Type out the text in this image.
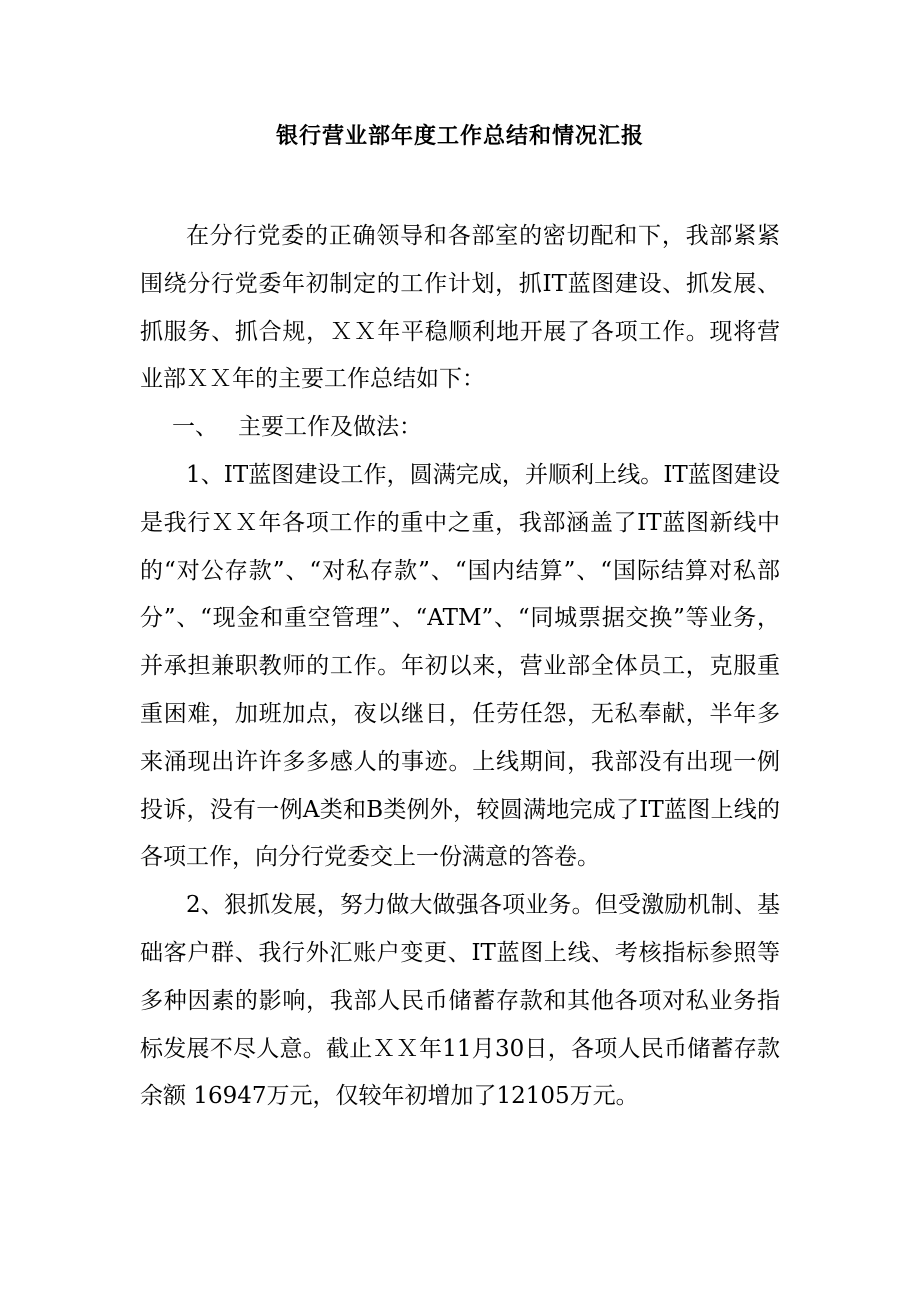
银行营业部年度工作总结和情况汇报

在分行党委的正确领导和各部室的密切配和下，我部紧紧围绕分行党委年初制定的工作计划，抓IT蓝图建设、抓发展、抓服务、抓合规，ＸＸ年平稳顺利地开展了各项工作。现将营业部ＸＸ年的主要工作总结如下：

一、 主要工作及做法：

1、IT蓝图建设工作，圆满完成，并顺利上线。IT蓝图建设是我行ＸＸ年各项工作的重中之重，我部涵盖了IT蓝图新线中的“对公存款”、“对私存款”、“国内结算”、“国际结算对私部分”、“现金和重空管理”、“ATM”、“同城票据交换”等业务，并承担兼职教师的工作。年初以来，营业部全体员工，克服重重困难，加班加点，夜以继日，任劳任怨，无私奉献，半年多来涌现出许许多多感人的事迹。上线期间，我部没有出现一例投诉，没有一例A类和B类例外，较圆满地完成了IT蓝图上线的各项工作，向分行党委交上一份满意的答卷。

2、狠抓发展，努力做大做强各项业务。但受激励机制、基础客户群、我行外汇账户变更、IT蓝图上线、考核指标参照等多种因素的影响，我部人民币储蓄存款和其他各项对私业务指标发展不尽人意。截止ＸＸ年11月30日，各项人民币储蓄存款余额 16947万元，仅较年初增加了12105万元。
